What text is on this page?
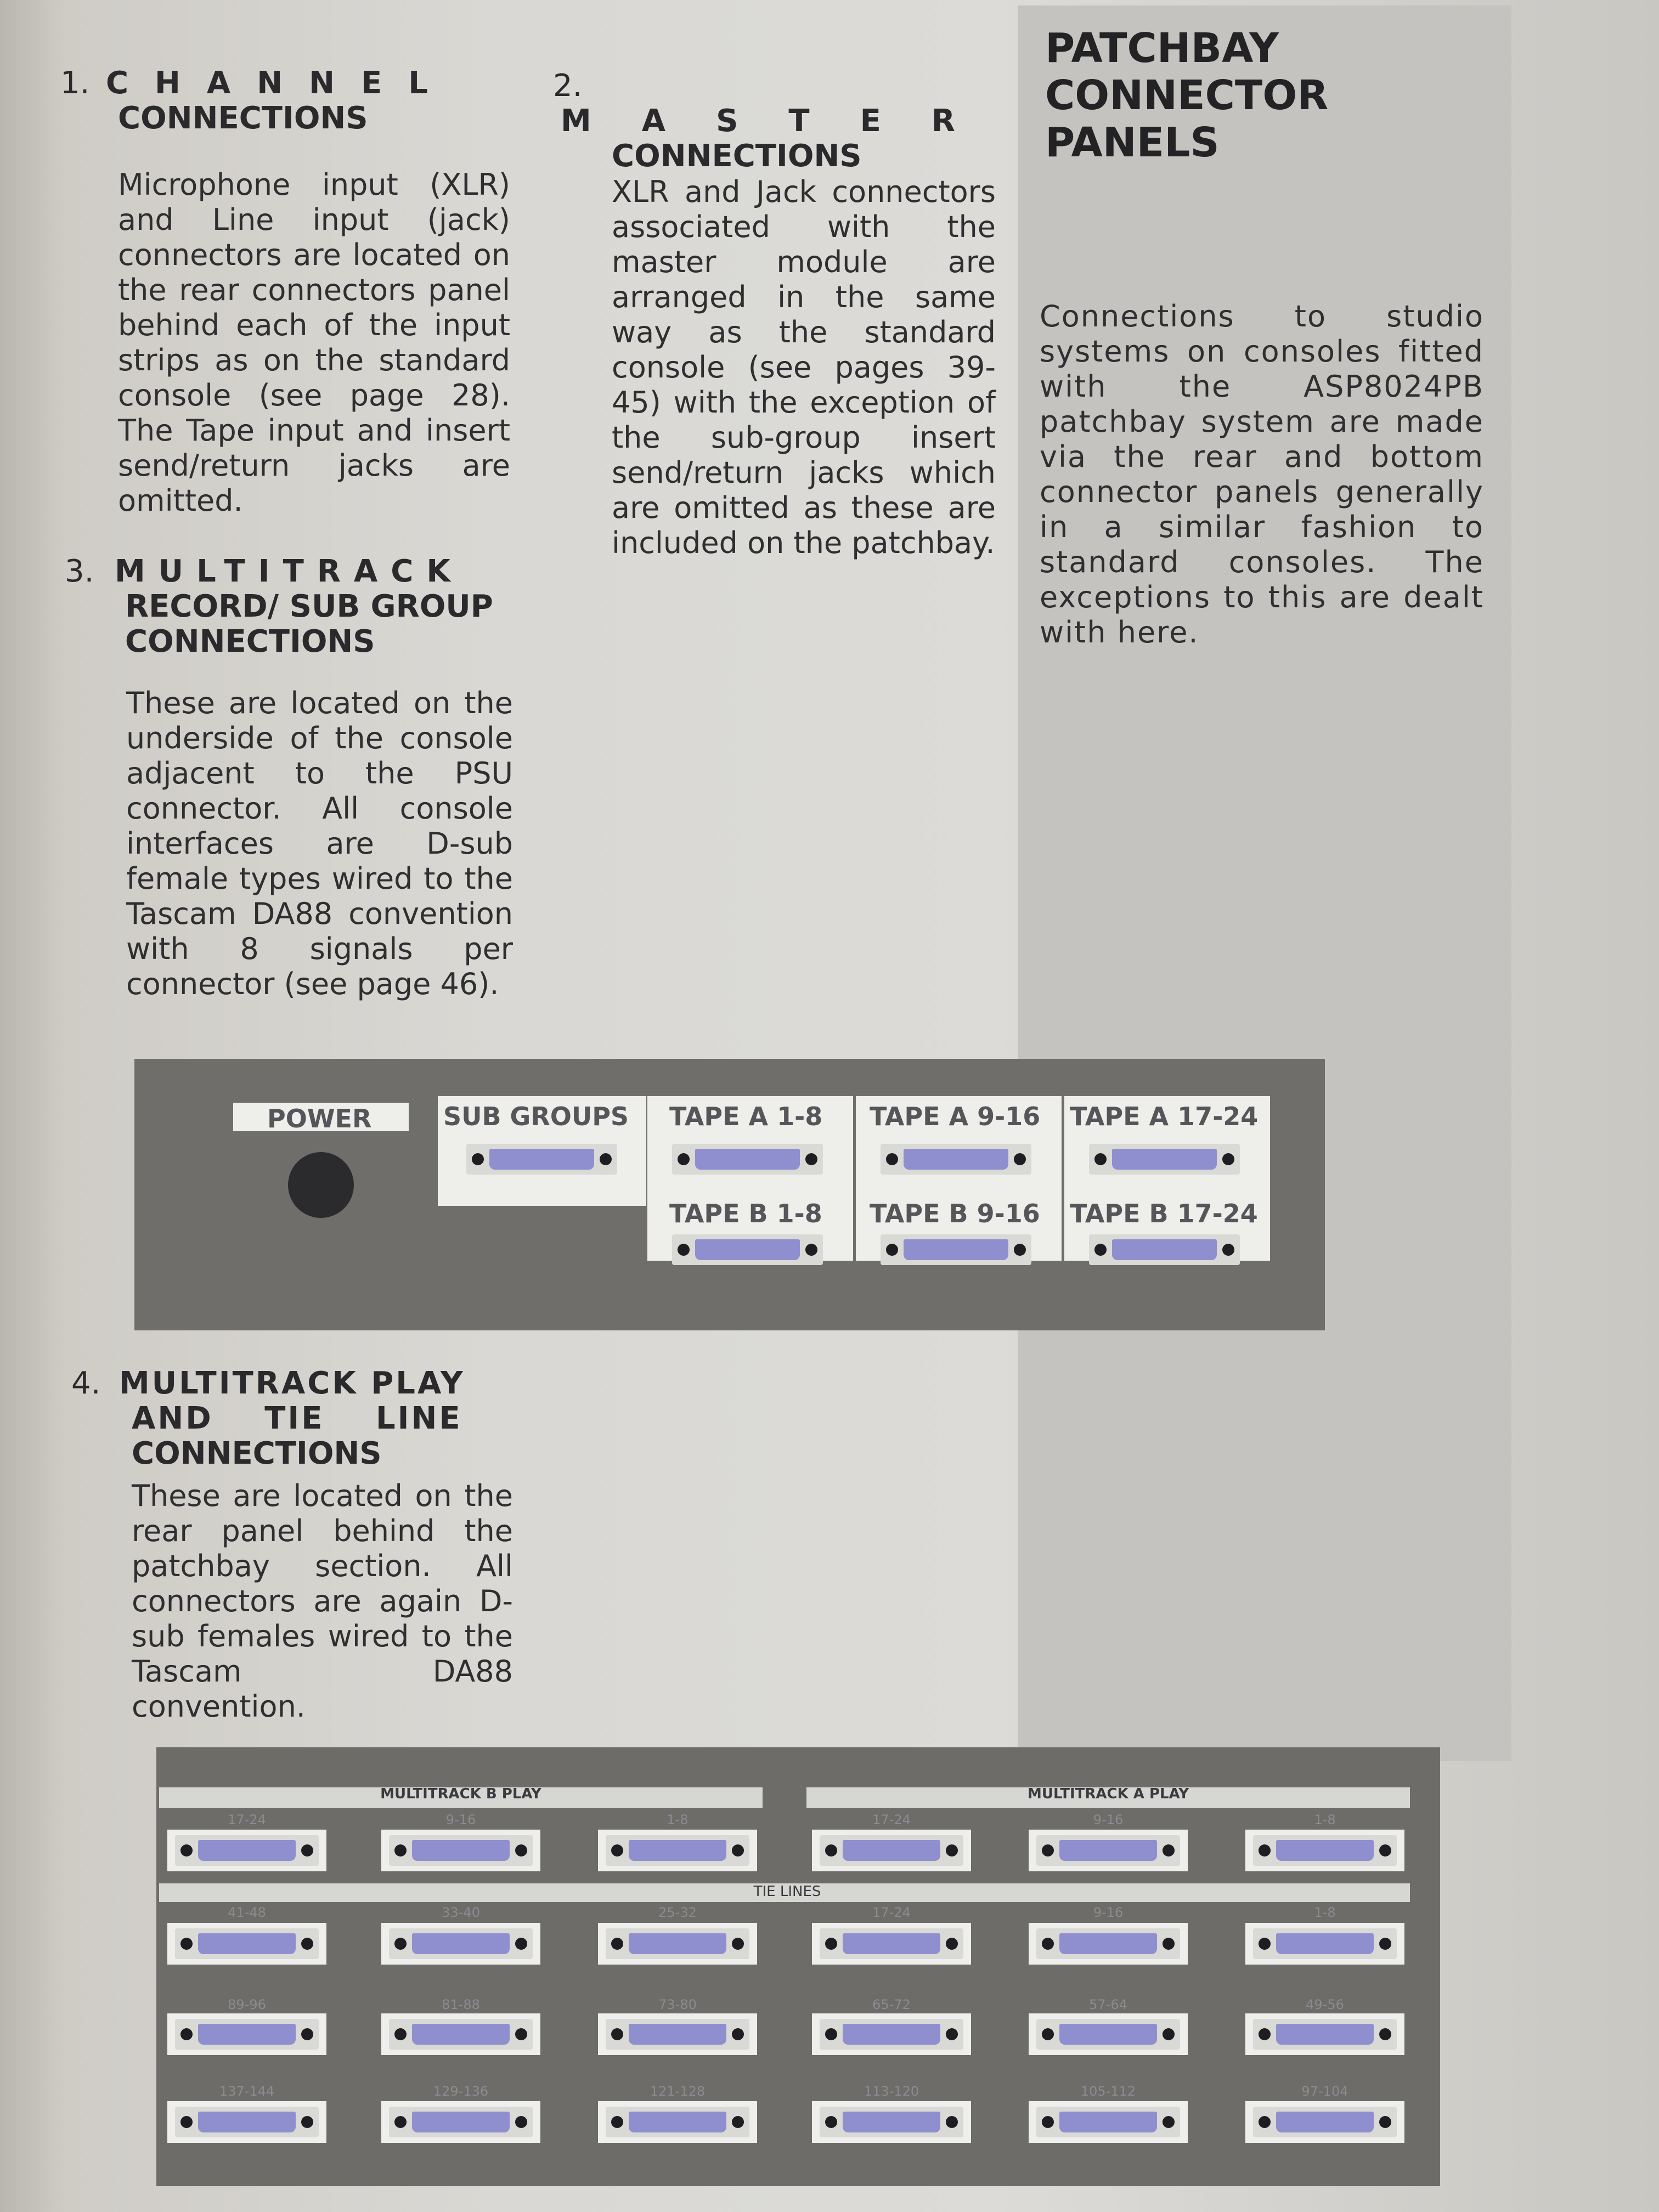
PATCHBAY
CONNECTOR
PANELS
Connections to studio systems on consoles fitted with the ASP8024PB patchbay system are made via the rear and bottom connector panels generally in a similar fashion to standard consoles. The exceptions to this are dealt with here.
1. CHANNEL
CONNECTIONS
Microphone input (XLR) and Line input (jack) connectors are located on the rear connectors panel behind each of the input strips as on the standard console (see page 28). The Tape input and insert send/return jacks are omitted.
2. MASTER
CONNECTIONS
XLR and Jack connectors associated with the master module are arranged in the same way as the standard console (see pages 39-45) with the exception of the sub-group insert send/return jacks which are omitted as these are included on the patchbay.
3. MULTITRACK
RECORD/ SUB GROUP
CONNECTIONS
These are located on the underside of the console adjacent to the PSU connector. All console interfaces are D-sub female types wired to the Tascam DA88 convention with 8 signals per connector (see page 46).
POWER	SUB GROUPS TAPE A 1-8
TAPE B 1-8
TAPE A 9-16
TAPE B 9-16
TAPE A 17-24
TAPE B 17-24
4. MULTITRACK PLAY
AND TIE LINE
CONNECTIONS
These are located on the rear panel behind the patchbay section. All connectors are again D-sub females wired to the Tascam DA88 convention.
MULTITRACK B PLAY	MULTITRACK A PLAY
TIE LINES
17-24	9-16	1-8	17-24	9-16	1-8
41-48	33-40	25-32	17-24	9-16	1-8
89-96	81-88	73-80	65-72	57-64	49-56
137-144	129-136	121-128	113-120	105-112	97-104
